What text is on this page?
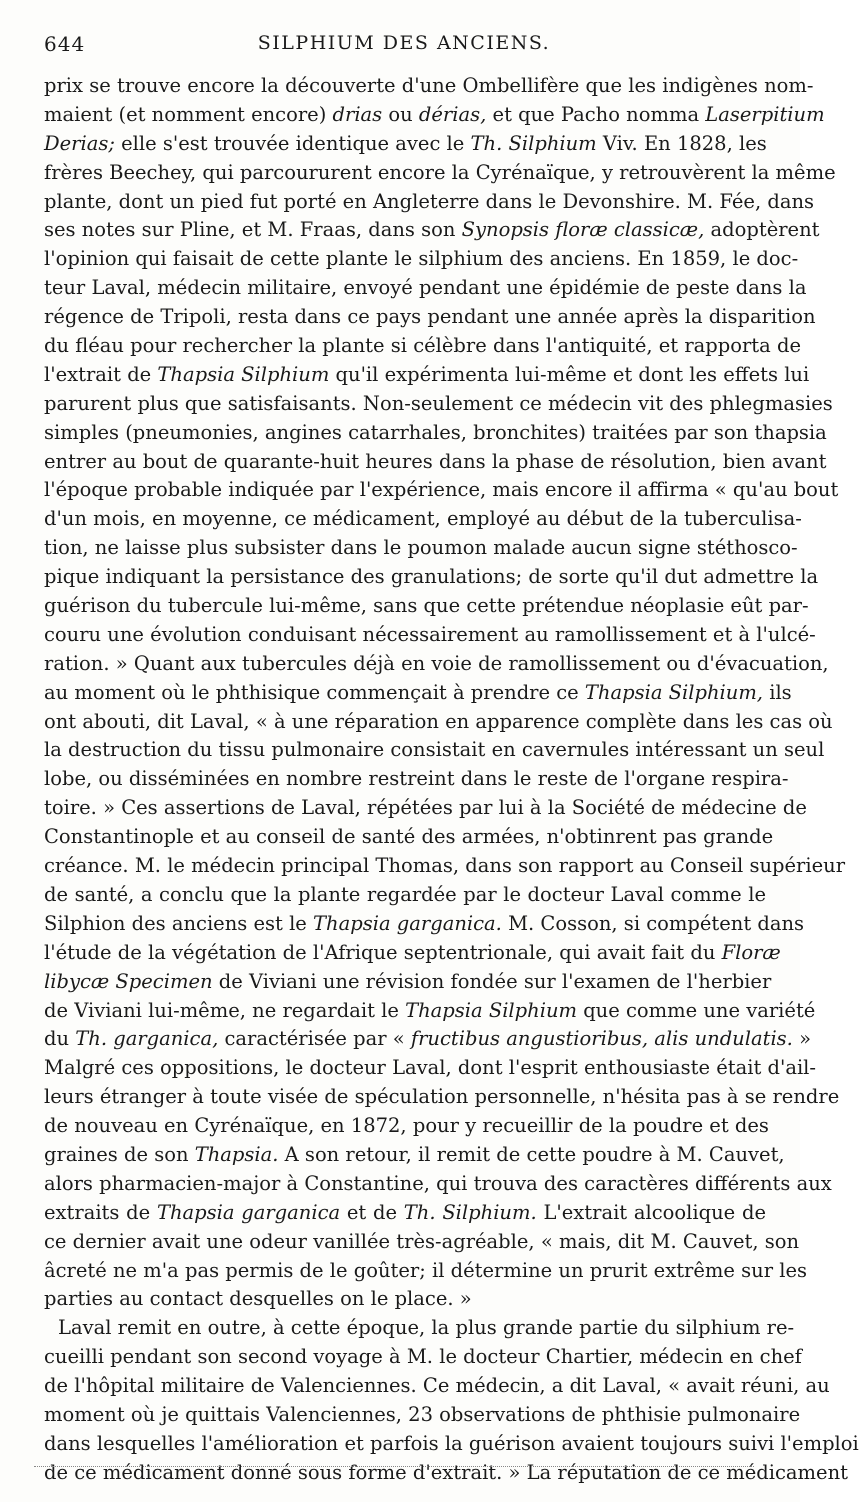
644	SILPHIUM DES ANCIENS.
prix se trouve encore la découverte d'une Ombellifère que les indigènes nom-
maient (et nomment encore) drias ou dérias, et que Pacho nomma Laserpitium
Derias; elle s'est trouvée identique avec le Th. Silphium Viv. En 1828, les
frères Beechey, qui parcoururent encore la Cyrénaïque, y retrouvèrent la même
plante, dont un pied fut porté en Angleterre dans le Devonshire. M. Fée, dans
ses notes sur Pline, et M. Fraas, dans son Synopsis floræ classicæ, adoptèrent
l'opinion qui faisait de cette plante le silphium des anciens. En 1859, le doc-
teur Laval, médecin militaire, envoyé pendant une épidémie de peste dans la
régence de Tripoli, resta dans ce pays pendant une année après la disparition
du fléau pour rechercher la plante si célèbre dans l'antiquité, et rapporta de
l'extrait de Thapsia Silphium qu'il expérimenta lui-même et dont les effets lui
parurent plus que satisfaisants. Non-seulement ce médecin vit des phlegmasies
simples (pneumonies, angines catarrhales, bronchites) traitées par son thapsia
entrer au bout de quarante-huit heures dans la phase de résolution, bien avant
l'époque probable indiquée par l'expérience, mais encore il affirma « qu'au bout
d'un mois, en moyenne, ce médicament, employé au début de la tuberculisa-
tion, ne laisse plus subsister dans le poumon malade aucun signe stéthosco-
pique indiquant la persistance des granulations; de sorte qu'il dut admettre la
guérison du tubercule lui-même, sans que cette prétendue néoplasie eût par-
couru une évolution conduisant nécessairement au ramollissement et à l'ulcé-
ration. » Quant aux tubercules déjà en voie de ramollissement ou d'évacuation,
au moment où le phthisique commençait à prendre ce Thapsia Silphium, ils
ont abouti, dit Laval, « à une réparation en apparence complète dans les cas où
la destruction du tissu pulmonaire consistait en cavernules intéressant un seul
lobe, ou disséminées en nombre restreint dans le reste de l'organe respira-
toire. » Ces assertions de Laval, répétées par lui à la Société de médecine de
Constantinople et au conseil de santé des armées, n'obtinrent pas grande
créance. M. le médecin principal Thomas, dans son rapport au Conseil supérieur
de santé, a conclu que la plante regardée par le docteur Laval comme le
Silphion des anciens est le Thapsia garganica. M. Cosson, si compétent dans
l'étude de la végétation de l'Afrique septentrionale, qui avait fait du Floræ
libycæ Specimen de Viviani une révision fondée sur l'examen de l'herbier
de Viviani lui-même, ne regardait le Thapsia Silphium que comme une variété
du Th. garganica, caractérisée par « fructibus angustioribus, alis undulatis. »
Malgré ces oppositions, le docteur Laval, dont l'esprit enthousiaste était d'ail-
leurs étranger à toute visée de spéculation personnelle, n'hésita pas à se rendre
de nouveau en Cyrénaïque, en 1872, pour y recueillir de la poudre et des
graines de son Thapsia. A son retour, il remit de cette poudre à M. Cauvet,
alors pharmacien-major à Constantine, qui trouva des caractères différents aux
extraits de Thapsia garganica et de Th. Silphium. L'extrait alcoolique de
ce dernier avait une odeur vanillée très-agréable, « mais, dit M. Cauvet, son
âcreté ne m'a pas permis de le goûter; il détermine un prurit extrême sur les
parties au contact desquelles on le place. »
Laval remit en outre, à cette époque, la plus grande partie du silphium re-
cueilli pendant son second voyage à M. le docteur Chartier, médecin en chef
de l'hôpital militaire de Valenciennes. Ce médecin, a dit Laval, « avait réuni, au
moment où je quittais Valenciennes, 23 observations de phthisie pulmonaire
dans lesquelles l'amélioration et parfois la guérison avaient toujours suivi l'emploi
de ce médicament donné sous forme d'extrait. » La réputation de ce médicament
